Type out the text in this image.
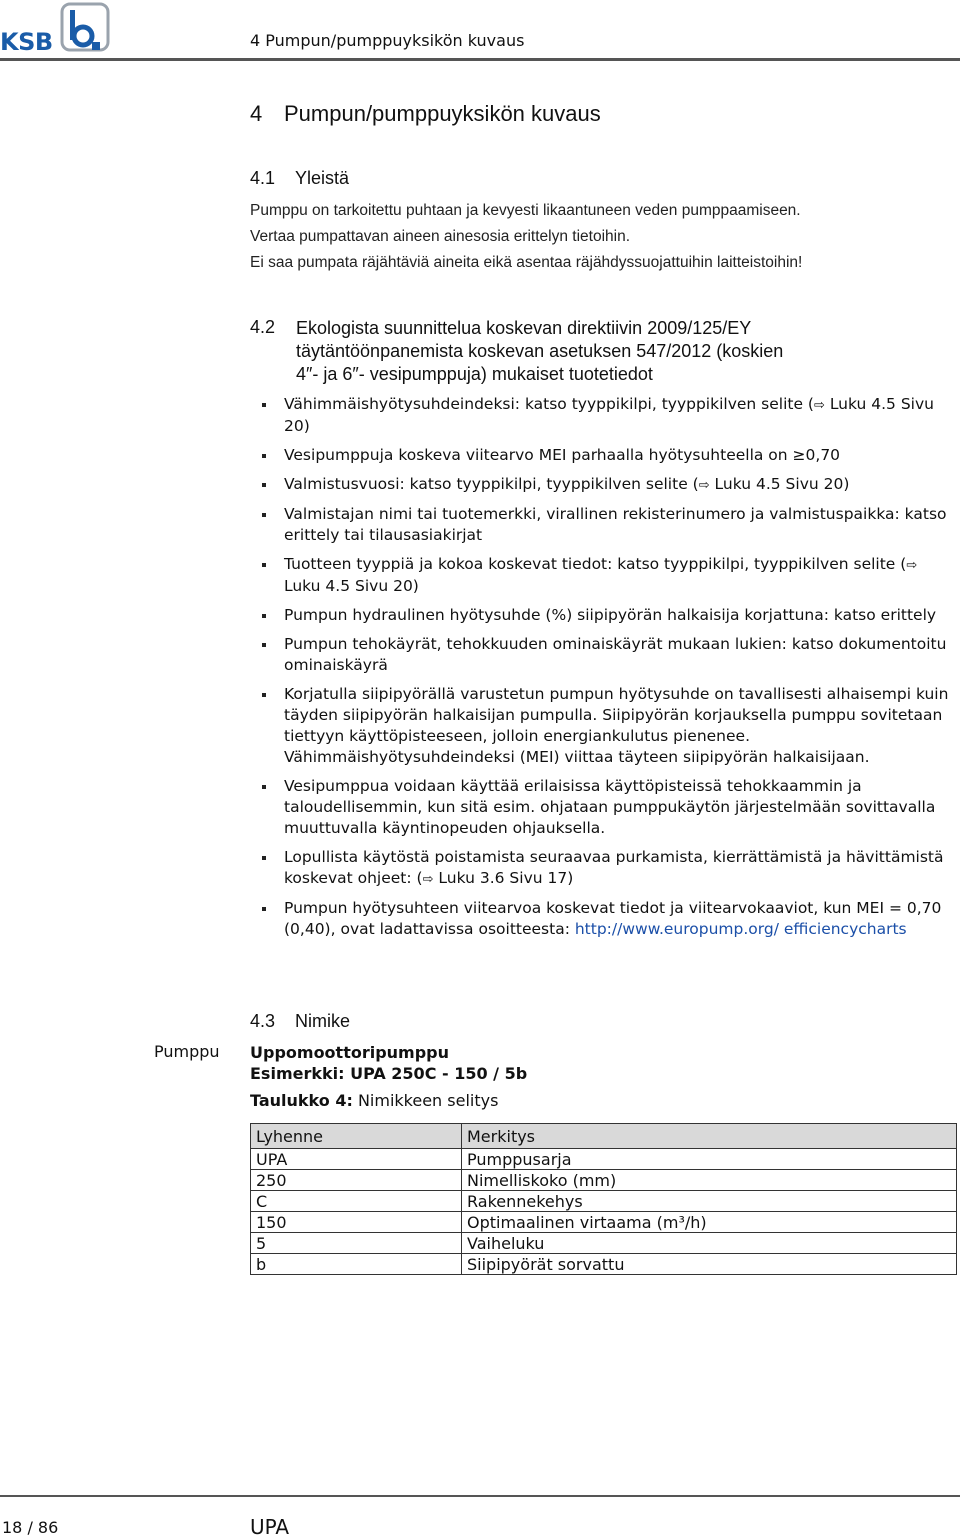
KSB	4 Pumpun/pumppuyksikön kuvaus
4 Pumpun/pumppuyksikön kuvaus
4.1 Yleistä
Pumppu on tarkoitettu puhtaan ja kevyesti likaantuneen veden pumppaamiseen.
Vertaa pumpattavan aineen ainesosia erittelyn tietoihin.
Ei saa pumpata räjähtäviä aineita eikä asentaa räjähdyssuojattuihin laitteistoihin!
4.2	Ekologista suunnittelua koskevan direktiivin 2009/125/EY täytäntöönpanemista koskevan asetuksen 547/2012 (koskien 4″- ja 6″- vesipumppuja) mukaiset tuotetiedot
Vähimmäishyötysuhdeindeksi: katso tyyppikilpi, tyyppikilven selite (⇨ Luku 4.5 Sivu 20)
Vesipumppuja koskeva viitearvo MEI parhaalla hyötysuhteella on ≥0,70
Valmistusvuosi: katso tyyppikilpi, tyyppikilven selite (⇨ Luku 4.5 Sivu 20)
Valmistajan nimi tai tuotemerkki, virallinen rekisterinumero ja valmistuspaikka: katso erittely tai tilausasiakirjat
Tuotteen tyyppiä ja kokoa koskevat tiedot: katso tyyppikilpi, tyyppikilven selite (⇨ Luku 4.5 Sivu 20)
Pumpun hydraulinen hyötysuhde (%) siipipyörän halkaisija korjattuna: katso erittely
Pumpun tehokäyrät, tehokkuuden ominaiskäyrät mukaan lukien: katso dokumentoitu ominaiskäyrä
Korjatulla siipipyörällä varustetun pumpun hyötysuhde on tavallisesti alhaisempi kuin täyden siipipyörän halkaisijan pumpulla. Siipipyörän korjauksella pumppu sovitetaan tiettyyn käyttöpisteeseen, jolloin energiankulutus pienenee. Vähimmäishyötysuhdeindeksi (MEI) viittaa täyteen siipipyörän halkaisijaan.
Vesipumppua voidaan käyttää erilaisissa käyttöpisteissä tehokkaammin ja taloudellisemmin, kun sitä esim. ohjataan pumppukäytön järjestelmään sovittavalla muuttuvalla käyntinopeuden ohjauksella.
Lopullista käytöstä poistamista seuraavaa purkamista, kierrättämistä ja hävittämistä koskevat ohjeet: (⇨ Luku 3.6 Sivu 17)
Pumpun hyötysuhteen viitearvoa koskevat tiedot ja viitearvokaaviot, kun MEI = 0,70 (0,40), ovat ladattavissa osoitteesta: http://www.europump.org/ efficiencycharts
4.3 Nimike
Pumppu Uppomoottoripumppu
Esimerkki: UPA 250C - 150 / 5b
Taulukko 4: Nimikkeen selitys
Lyhenne	Merkitys
UPA	Pumppusarja
250	Nimelliskoko (mm)
C	Rakennekehys
150	Optimaalinen virtaama (m³/h)
5	Vaiheluku
b	Siipipyörät sorvattu
18 / 86	UPA
